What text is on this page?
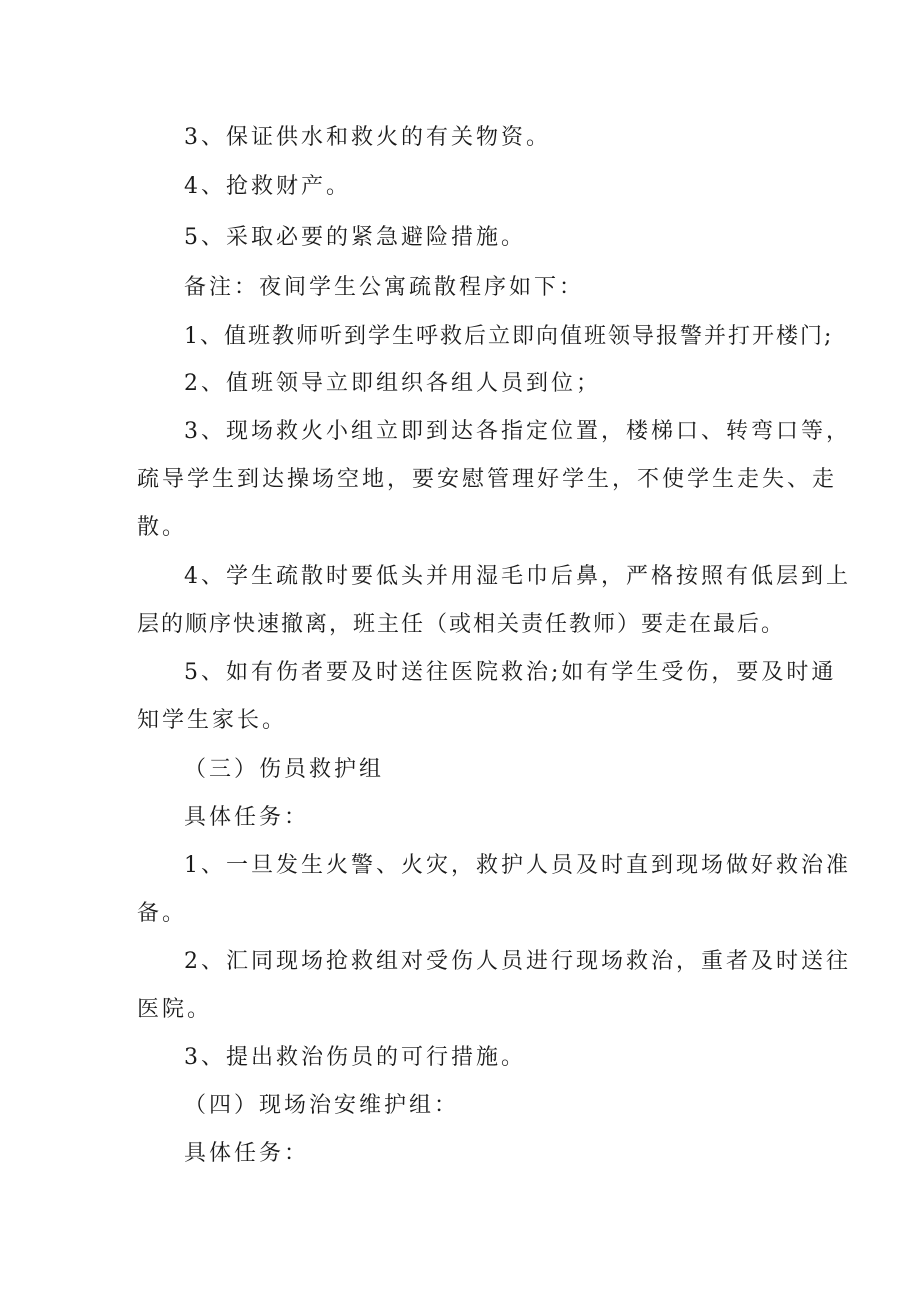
3、保证供水和救火的有关物资。
4、抢救财产。
5、采取必要的紧急避险措施。
备注：夜间学生公寓疏散程序如下：
1、值班教师听到学生呼救后立即向值班领导报警并打开楼门;
2、值班领导立即组织各组人员到位；
3、现场救火小组立即到达各指定位置，楼梯口、转弯口等，
疏导学生到达操场空地，要安慰管理好学生，不使学生走失、走
散。
4、学生疏散时要低头并用湿毛巾后鼻，严格按照有低层到上
层的顺序快速撤离，班主任（或相关责任教师）要走在最后。
5、如有伤者要及时送往医院救治;如有学生受伤，要及时通
知学生家长。
（三）伤员救护组
具体任务：
1、一旦发生火警、火灾，救护人员及时直到现场做好救治准
备。
2、汇同现场抢救组对受伤人员进行现场救治，重者及时送往
医院。
3、提出救治伤员的可行措施。
（四）现场治安维护组：
具体任务：
